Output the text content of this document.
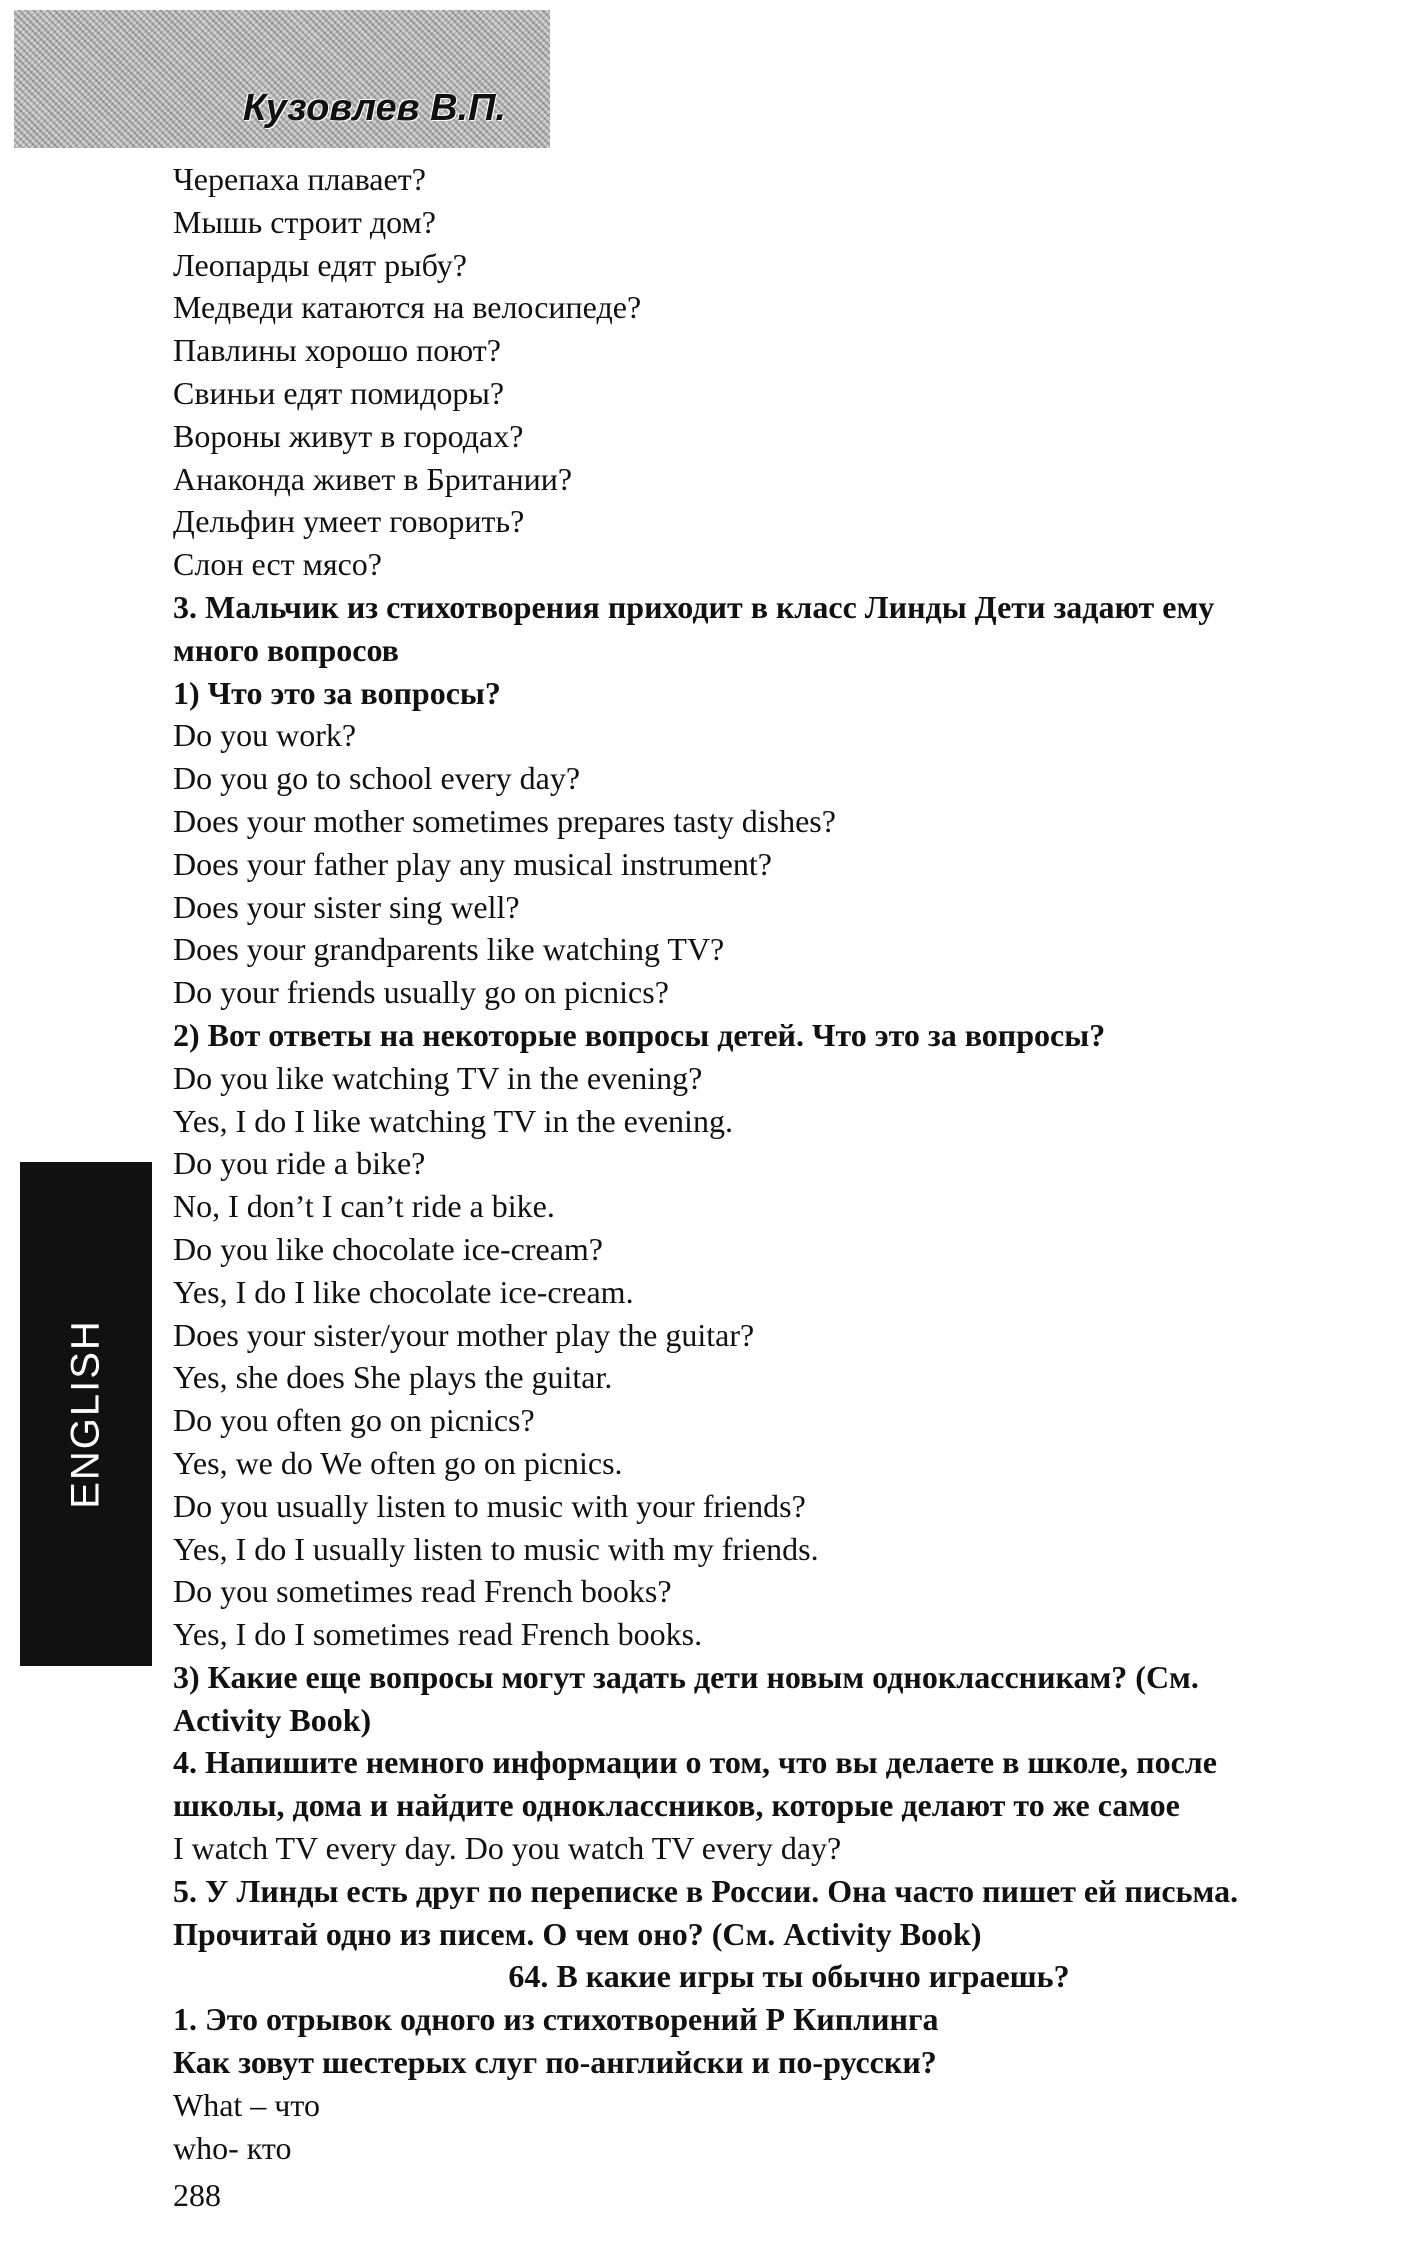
Кузовлев В.П.
ENGLISH
Черепаха плавает?
Мышь строит дом?
Леопарды едят рыбу?
Медведи катаются на велосипеде?
Павлины хорошо поют?
Свиньи едят помидоры?
Вороны живут в городах?
Анаконда живет в Британии?
Дельфин умеет говорить?
Слон ест мясо?
3. Мальчик из стихотворения приходит в класс Линды Дети задают ему
много вопросов
1) Что это за вопросы?
Do you work?
Do you go to school every day?
Does your mother sometimes prepares tasty dishes?
Does your father play any musical instrument?
Does your sister sing well?
Does your grandparents like watching TV?
Do your friends usually go on picnics?
2) Вот ответы на некоторые вопросы детей. Что это за вопросы?
Do you like watching TV in the evening?
Yes, I do I like watching TV in the evening.
Do you ride a bike?
No, I don’t I can’t ride a bike.
Do you like chocolate ice-cream?
Yes, I do I like chocolate ice-cream.
Does your sister/your mother play the guitar?
Yes, she does She plays the guitar.
Do you often go on picnics?
Yes, we do We often go on picnics.
Do you usually listen to music with your friends?
Yes, I do I usually listen to music with my friends.
Do you sometimes read French books?
Yes, I do I sometimes read French books.
3) Какие еще вопросы могут задать дети новым одноклассникам? (См.
Activity Book)
4. Напишите немного информации о том, что вы делаете в школе, после
школы, дома и найдите одноклассников, которые делают то же самое
I watch TV every day. Do you watch TV every day?
5. У Линды есть друг по переписке в России. Она часто пишет ей письма.
Прочитай одно из писем. О чем оно? (См. Activity Book)
64. В какие игры ты обычно играешь?
1. Это отрывок одного из стихотворений Р Киплинга
Как зовут шестерых слуг по-английски и по-русски?
What – что
who- кто
288
